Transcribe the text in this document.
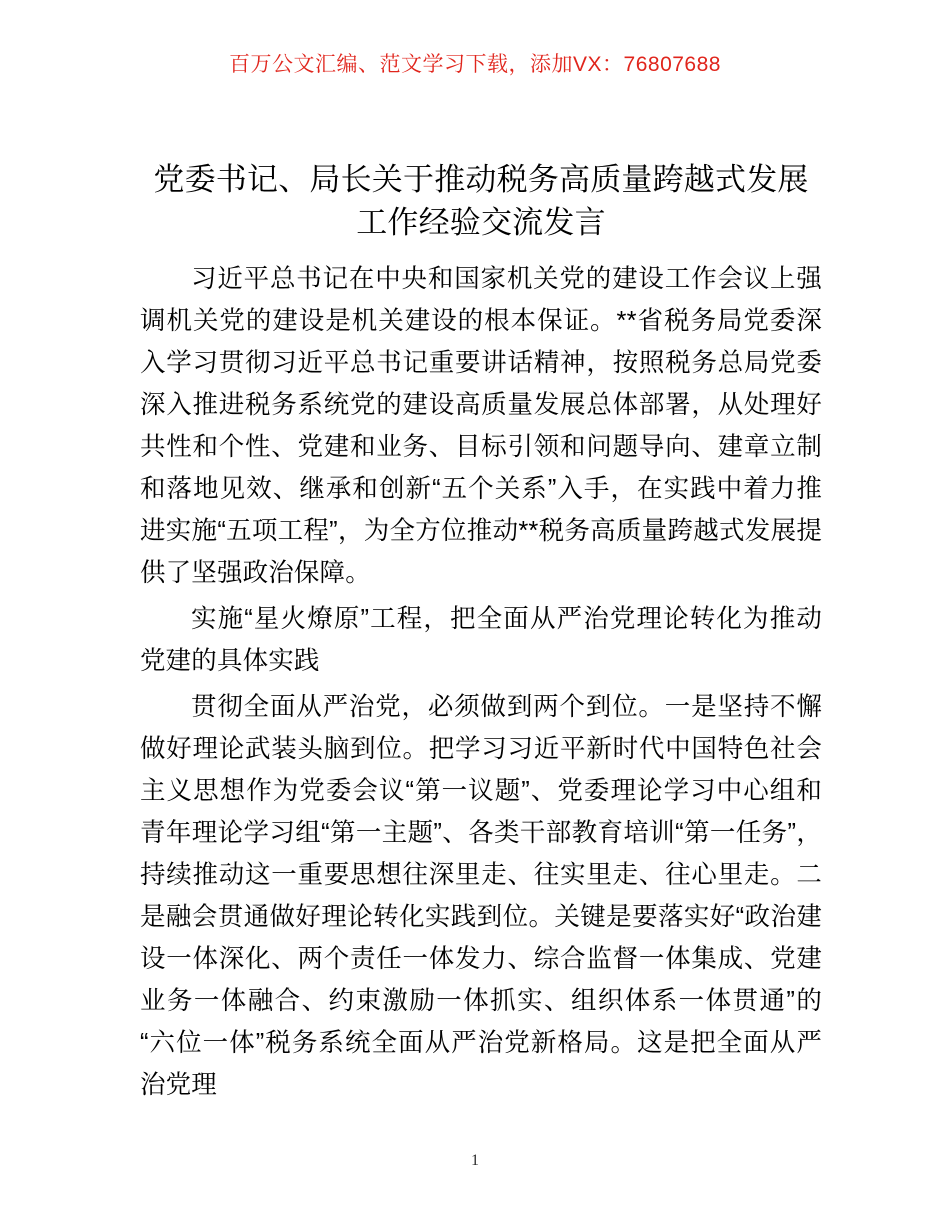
百万公文汇编、范文学习下载，添加VX：76807688
党委书记、局长关于推动税务高质量跨越式发展工作经验交流发言

习近平总书记在中央和国家机关党的建设工作会议上强调机关党的建设是机关建设的根本保证。**省税务局党委深入学习贯彻习近平总书记重要讲话精神，按照税务总局党委深入推进税务系统党的建设高质量发展总体部署，从处理好共性和个性、党建和业务、目标引领和问题导向、建章立制和落地见效、继承和创新“五个关系”入手，在实践中着力推进实施“五项工程”，为全方位推动**税务高质量跨越式发展提供了坚强政治保障。

实施“星火燎原”工程，把全面从严治党理论转化为推动党建的具体实践

贯彻全面从严治党，必须做到两个到位。一是坚持不懈做好理论武装头脑到位。把学习习近平新时代中国特色社会主义思想作为党委会议“第一议题”、党委理论学习中心组和青年理论学习组“第一主题”、各类干部教育培训“第一任务”，持续推动这一重要思想往深里走、往实里走、往心里走。二是融会贯通做好理论转化实践到位。关键是要落实好“政治建设一体深化、两个责任一体发力、综合监督一体集成、党建业务一体融合、约束激励一体抓实、组织体系一体贯通”的“六位一体”税务系统全面从严治党新格局。这是把全面从严治党理

1
